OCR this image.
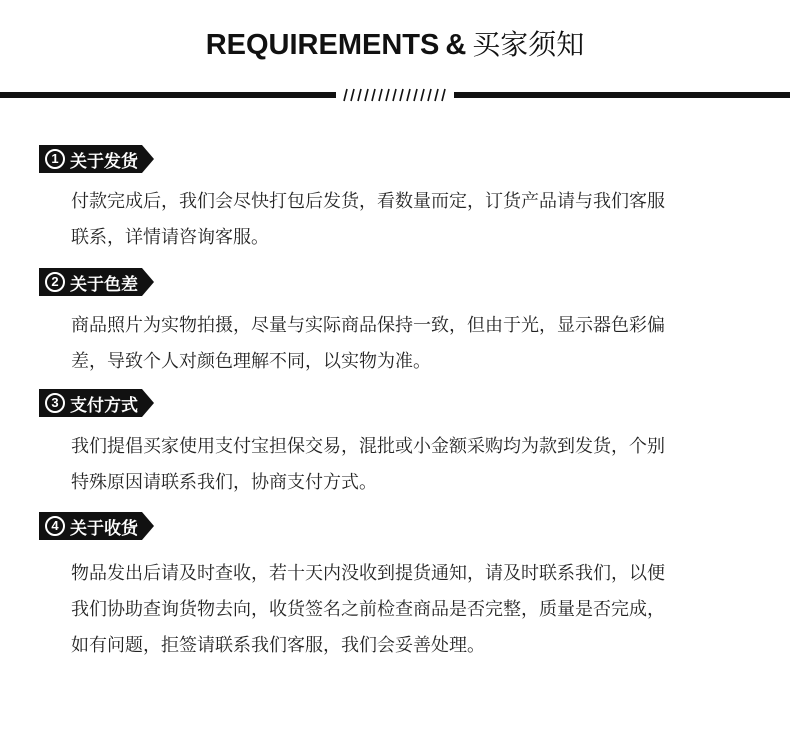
REQUIREMENTS & 买家须知
1 关于发货
付款完成后，我们会尽快打包后发货，看数量而定，订货产品请与我们客服
联系，详情请咨询客服。
2 关于色差
商品照片为实物拍摄，尽量与实际商品保持一致，但由于光，显示器色彩偏
差，导致个人对颜色理解不同，以实物为准。
3 支付方式
我们提倡买家使用支付宝担保交易，混批或小金额采购均为款到发货，个别
特殊原因请联系我们，协商支付方式。
4 关于收货
物品发出后请及时查收，若十天内没收到提货通知，请及时联系我们，以便
我们协助查询货物去向，收货签名之前检查商品是否完整，质量是否完成，
如有问题，拒签请联系我们客服，我们会妥善处理。
